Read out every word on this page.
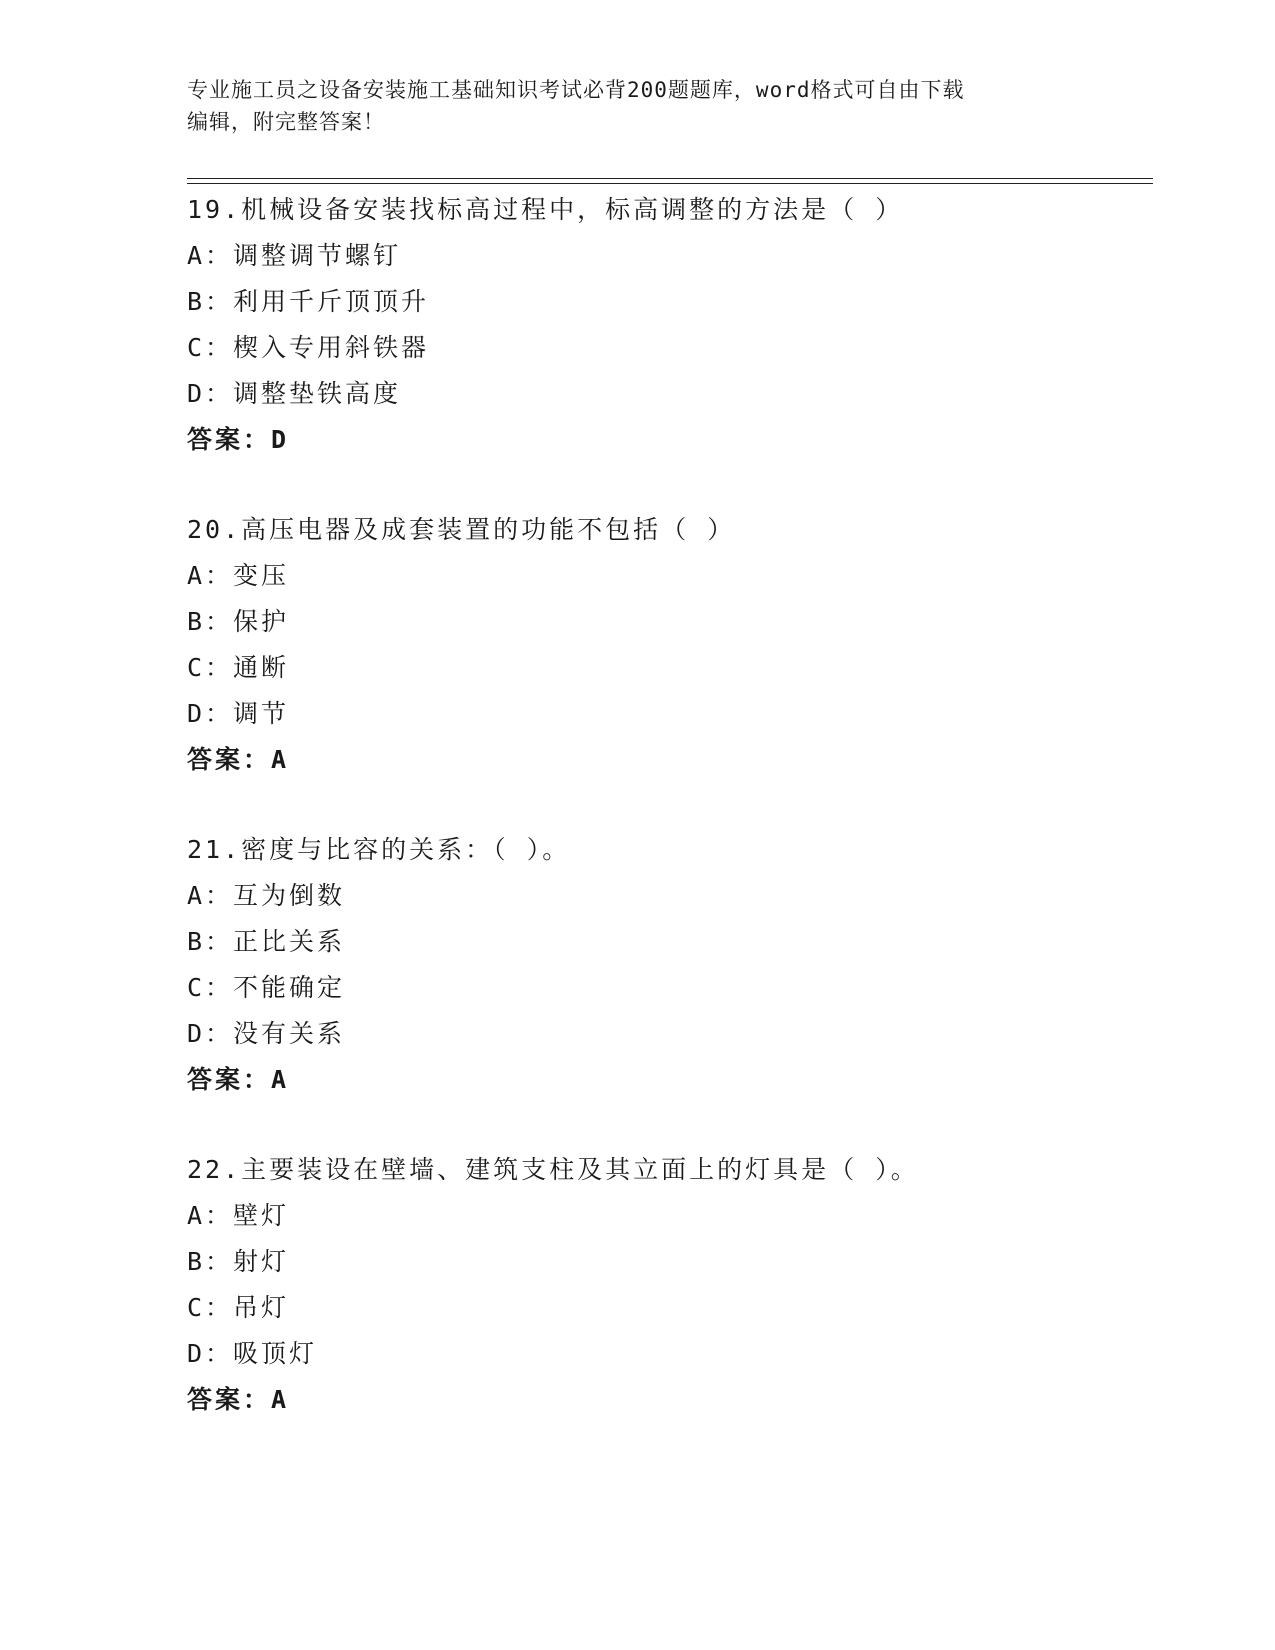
专业施工员之设备安装施工基础知识考试必背200题题库，word格式可自由下载
编辑，附完整答案！
19.机械设备安装找标高过程中，标高调整的方法是（ ）
A：调整调节螺钉
B：利用千斤顶顶升
C：楔入专用斜铁器
D：调整垫铁高度
答案：D
20.高压电器及成套装置的功能不包括（ ）
A：变压
B：保护
C：通断
D：调节
答案：A
21.密度与比容的关系：（ ）。
A：互为倒数
B：正比关系
C：不能确定
D：没有关系
答案：A
22.主要装设在壁墙、建筑支柱及其立面上的灯具是（ ）。
A：壁灯
B：射灯
C：吊灯
D：吸顶灯
答案：A
